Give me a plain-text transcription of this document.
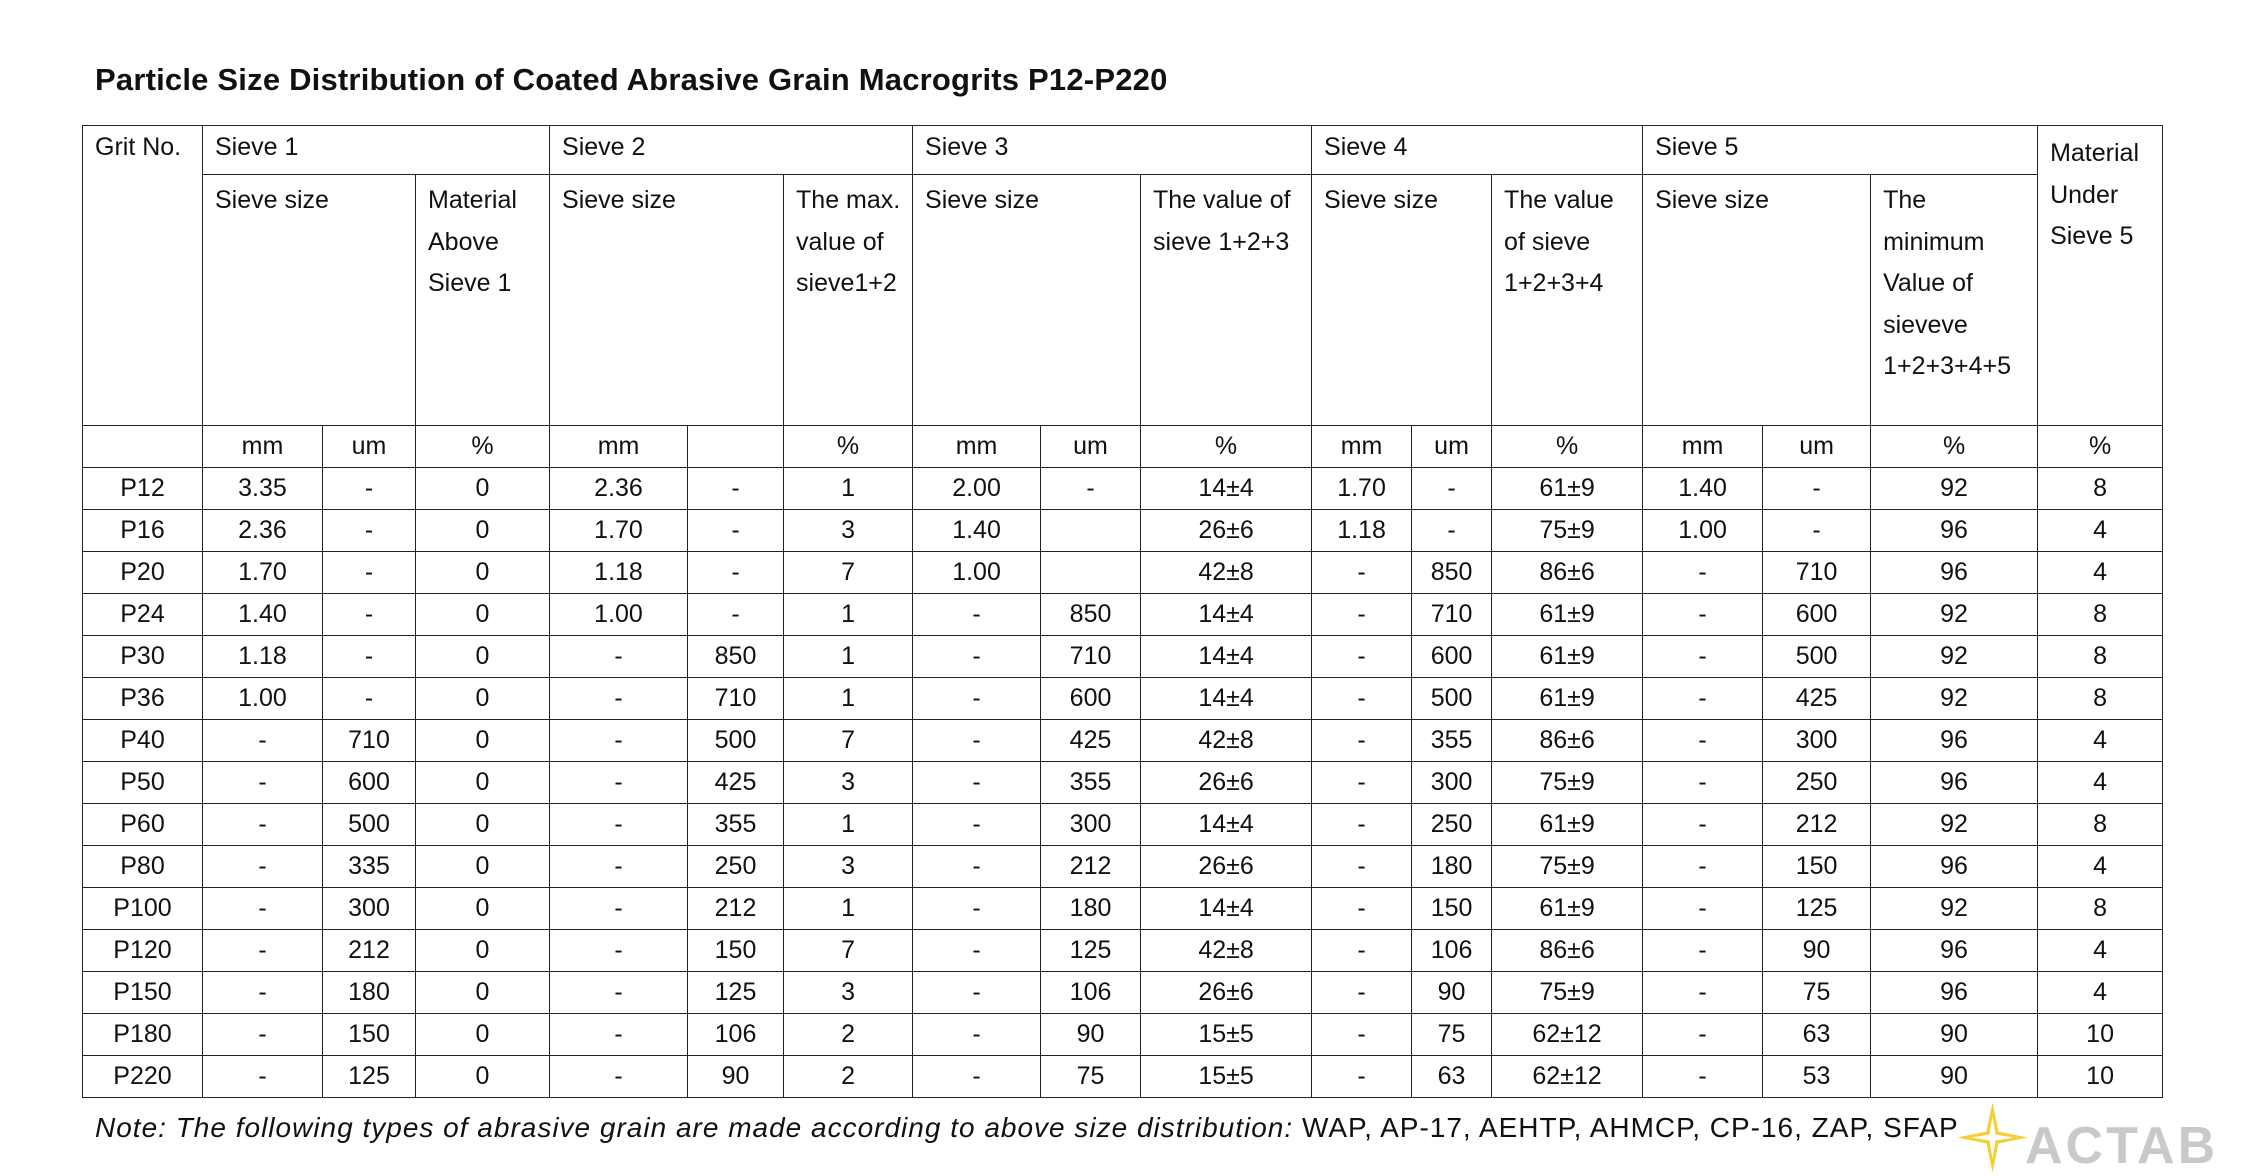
Particle Size Distribution of Coated Abrasive Grain Macrogrits P12-P220
Grit No.	Sieve 1			Sieve 2			Sieve 3			Sieve 4			Sieve 5			Material Under Sieve 5

	Sieve size		Material Above Sieve 1	Sieve size		The max. value of sieve1+2	Sieve size		The value of sieve 1+2+3	Sieve size		The value of sieve 1+2+3+4	Sieve size		The minimum Value of sieveve 1+2+3+4+5	

	mm	um	%	mm		%	mm	um	%	mm	um	%	mm	um	%	%
P12	3.35	-	0	2.36	-	1	2.00	-	14±4	1.70	-	61±9	1.40	-	92	8
P16	2.36	-	0	1.70	-	3	1.40		26±6	1.18	-	75±9	1.00	-	96	4
P20	1.70	-	0	1.18	-	7	1.00		42±8	-	850	86±6	-	710	96	4
P24	1.40	-	0	1.00	-	1	-	850	14±4	-	710	61±9	-	600	92	8
P30	1.18	-	0	-	850	1	-	710	14±4	-	600	61±9	-	500	92	8
P36	1.00	-	0	-	710	1	-	600	14±4	-	500	61±9	-	425	92	8
P40	-	710	0	-	500	7	-	425	42±8	-	355	86±6	-	300	96	4
P50	-	600	0	-	425	3	-	355	26±6	-	300	75±9	-	250	96	4
P60	-	500	0	-	355	1	-	300	14±4	-	250	61±9	-	212	92	8
P80	-	335	0	-	250	3	-	212	26±6	-	180	75±9	-	150	96	4
P100	-	300	0	-	212	1	-	180	14±4	-	150	61±9	-	125	92	8
P120	-	212	0	-	150	7	-	125	42±8	-	106	86±6	-	90	96	4
P150	-	180	0	-	125	3	-	106	26±6	-	90	75±9	-	75	96	4
P180	-	150	0	-	106	2	-	90	15±5	-	75	62±12	-	63	90	10
P220	-	125	0	-	90	2	-	75	15±5	-	63	62±12	-	53	90	10
Note: The following types of abrasive grain are made according to above size distribution: WAP, AP-17, AEHTP, AHMCP, CP-16, ZAP, SFAP ACTAB
